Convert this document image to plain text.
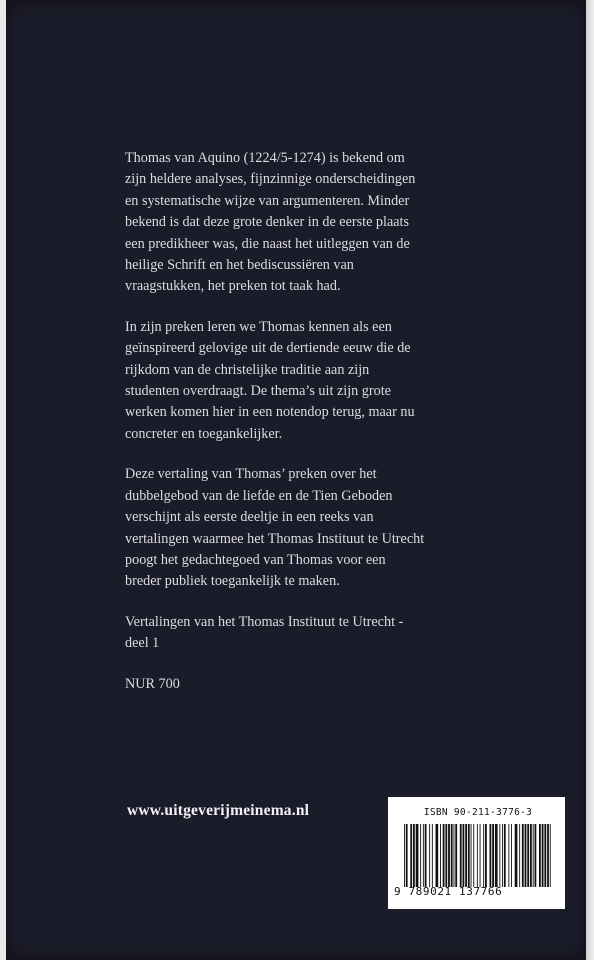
Thomas van Aquino (1224/5-1274) is bekend om zijn heldere analyses, fijnzinnige onderscheidingen en systematische wijze van argumenteren. Minder bekend is dat deze grote denker in de eerste plaats een predikheer was, die naast het uitleggen van de heilige Schrift en het bediscussiëren van vraagstukken, het preken tot taak had.

In zijn preken leren we Thomas kennen als een geïnspireerd gelovige uit de dertiende eeuw die de rijkdom van de christelijke traditie aan zijn studenten overdraagt. De thema’s uit zijn grote werken komen hier in een notendop terug, maar nu concreter en toegankelijker.

Deze vertaling van Thomas’ preken over het dubbelgebod van de liefde en de Tien Geboden verschijnt als eerste deeltje in een reeks van vertalingen waarmee het Thomas Instituut te Utrecht poogt het gedachtegoed van Thomas voor een breder publiek toegankelijk te maken.

Vertalingen van het Thomas Instituut te Utrecht - deel 1

NUR 700

www.uitgeverijmeinema.nl	ISBN 90-211-3776-3
9 789021 137766
